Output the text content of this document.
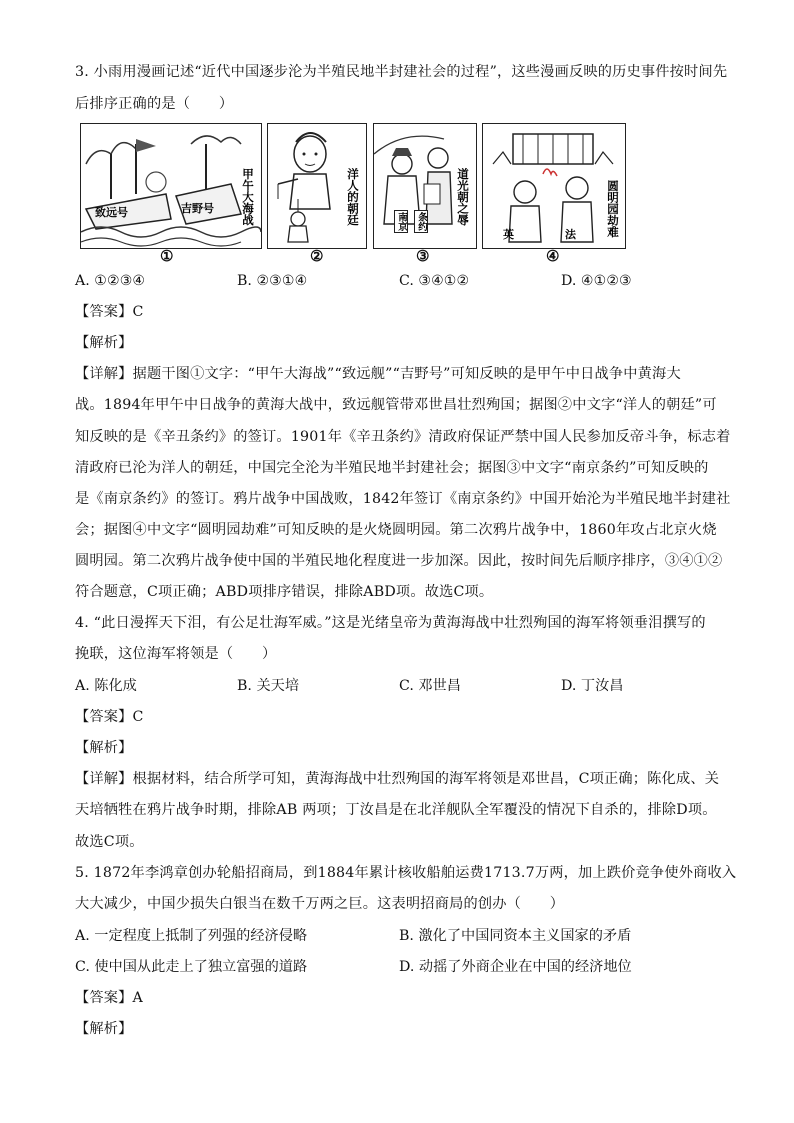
3. 小雨用漫画记述“近代中国逐步沦为半殖民地半封建社会的过程”，这些漫画反映的历史事件按时间先
后排序正确的是（　　）
致远号	吉野号 甲午大海战
①
洋人的朝廷
②
南京 条约	道光朝之辱
③
英	法	圆明园劫难
④
A. ①②③④	B. ②③①④	C. ③④①②	D. ④①②③
【答案】C
【解析】
【详解】据题干图①文字：“甲午大海战”“致远舰”“吉野号”可知反映的是甲午中日战争中黄海大
战。1894年甲午中日战争的黄海大战中，致远舰管带邓世昌壮烈殉国；据图②中文字“洋人的朝廷”可
知反映的是《辛丑条约》的签订。1901年《辛丑条约》清政府保证严禁中国人民参加反帝斗争，标志着
清政府已沦为洋人的朝廷，中国完全沦为半殖民地半封建社会；据图③中文字“南京条约”可知反映的
是《南京条约》的签订。鸦片战争中国战败，1842年签订《南京条约》中国开始沦为半殖民地半封建社
会；据图④中文字“圆明园劫难”可知反映的是火烧圆明园。第二次鸦片战争中，1860年攻占北京火烧
圆明园。第二次鸦片战争使中国的半殖民地化程度进一步加深。因此，按时间先后顺序排序，③④①②
符合题意，C项正确；ABD项排序错误，排除ABD项。故选C项。
4. “此日漫挥天下泪，有公足壮海军威。”这是光绪皇帝为黄海海战中壮烈殉国的海军将领垂泪撰写的
挽联，这位海军将领是（　　）
A. 陈化成	B. 关天培	C. 邓世昌	D. 丁汝昌
【答案】C
【解析】
【详解】根据材料，结合所学可知，黄海海战中壮烈殉国的海军将领是邓世昌，C项正确；陈化成、关
天培牺牲在鸦片战争时期，排除AB 两项；丁汝昌是在北洋舰队全军覆没的情况下自杀的，排除D项。
故选C项。
5. 1872年李鸿章创办轮船招商局，到1884年累计核收船舶运费1713.7万两，加上跌价竞争使外商收入
大大减少，中国少损失白银当在数千万两之巨。这表明招商局的创办（　　）
A. 一定程度上抵制了列强的经济侵略	B. 激化了中国同资本主义国家的矛盾
C. 使中国从此走上了独立富强的道路	D. 动摇了外商企业在中国的经济地位
【答案】A
【解析】
